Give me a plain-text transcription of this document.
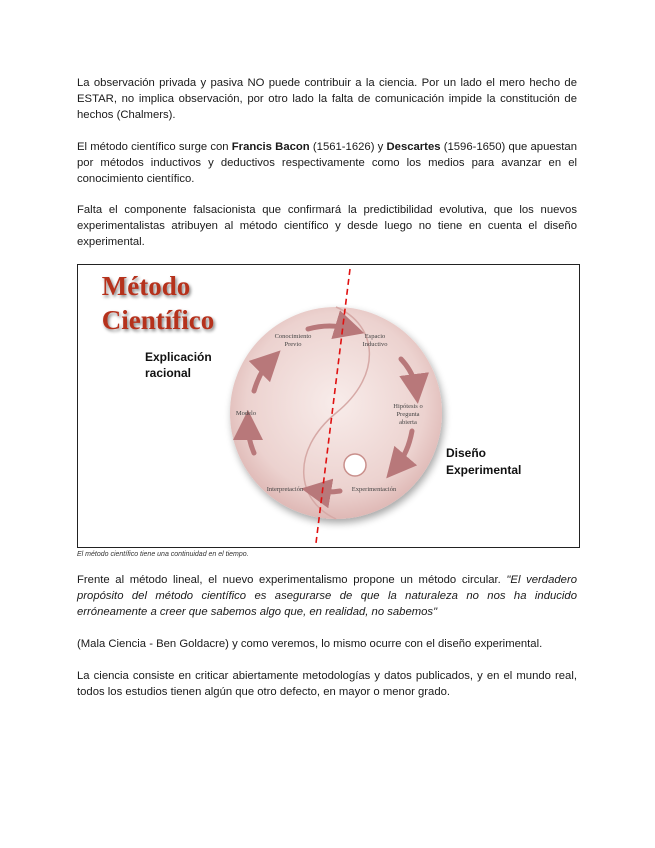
La observación privada y pasiva NO puede contribuir a la ciencia. Por un lado el mero hecho de ESTAR, no implica observación, por otro lado la falta de comunicación impide la constitución de hechos (Chalmers).

El método científico surge con Francis Bacon (1561-1626) y Descartes (1596-1650) que apuestan por métodos inductivos y deductivos respectivamente como los medios para avanzar en el conocimiento científico.

Falta el componente falsacionista que confirmará la predictibilidad evolutiva, que los nuevos experimentalistas atribuyen al método científico y desde luego no tiene en cuenta el diseño experimental.

Método
Científico
Explicación
racional
Diseño
Experimental
Conocimiento
Previo
Espacio
Inductivo
Hipótesis o
Pregunta
abierta
Modelo
Interpretación	Experimentación

El método científico tiene una continuidad en el tiempo.

Frente al método lineal, el nuevo experimentalismo propone un método circular. "El verdadero propósito del método científico es asegurarse de que la naturaleza no nos ha inducido erróneamente a creer que sabemos algo que, en realidad, no sabemos"

(Mala Ciencia - Ben Goldacre) y como veremos, lo mismo ocurre con el diseño experimental.

La ciencia consiste en criticar abiertamente metodologías y datos publicados, y en el mundo real, todos los estudios tienen algún que otro defecto, en mayor o menor grado.
